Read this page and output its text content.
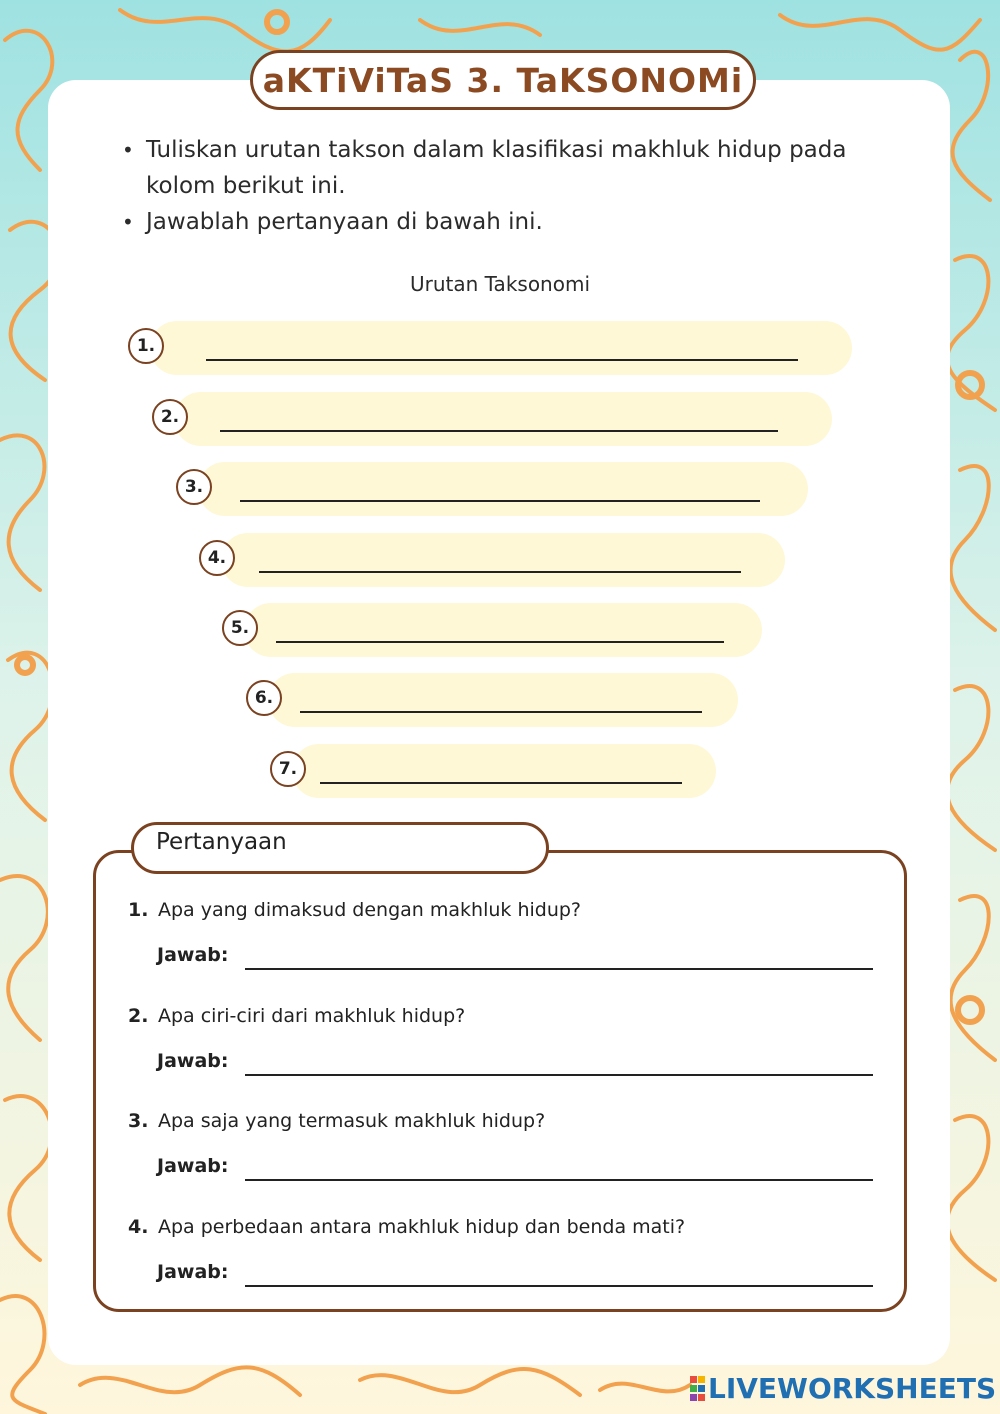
aKTiViTaS 3. TaKSONOMi
• Tuliskan urutan takson dalam klasifikasi makhluk hidup pada kolom berikut ini.
• Jawablah pertanyaan di bawah ini.
Urutan Taksonomi
1.
2.
3.
4.
5.
6.
7.
Pertanyaan
1. Apa yang dimaksud dengan makhluk hidup?
Jawab:
2. Apa ciri-ciri dari makhluk hidup?
Jawab:
3. Apa saja yang termasuk makhluk hidup?
Jawab:
4. Apa perbedaan antara makhluk hidup dan benda mati?
Jawab:
LIVEWORKSHEETS
